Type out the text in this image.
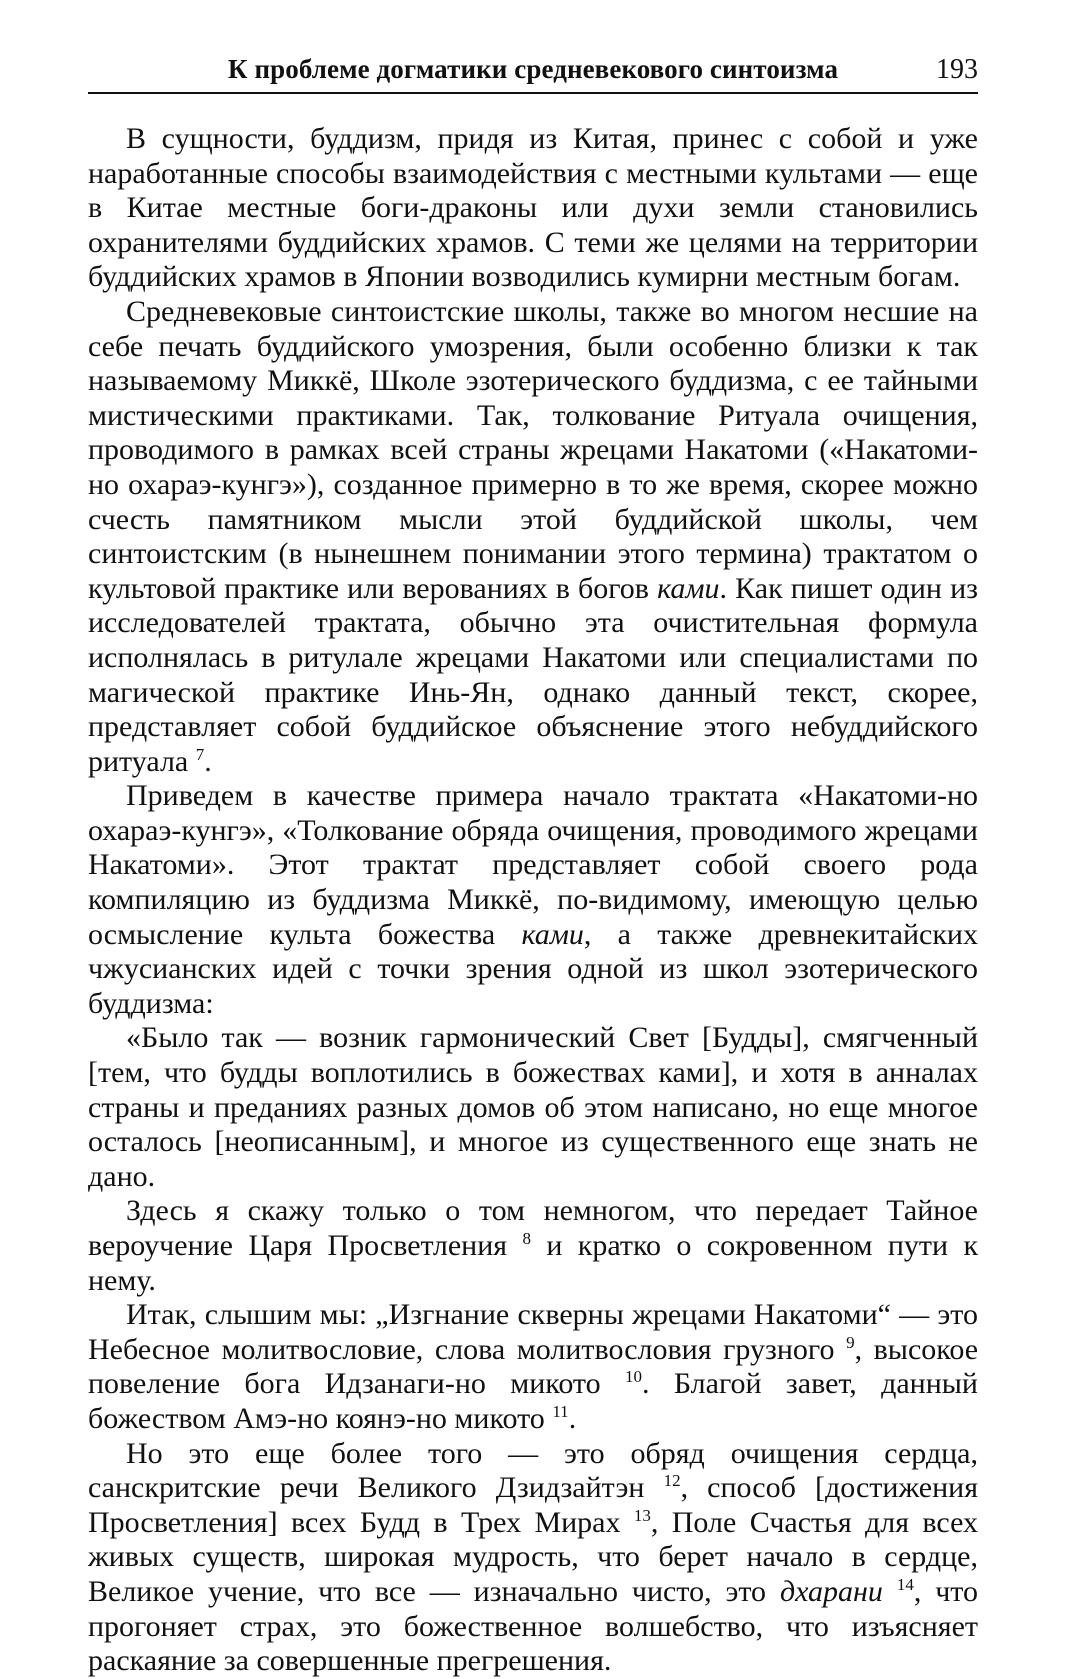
К проблеме догматики средневекового синтоизма	193

В сущности, буддизм, придя из Китая, принес с собой и уже наработанные способы взаимодействия с местными культами — еще в Китае местные боги-драконы или духи земли становились охранителями буддийских храмов. С теми же целями на территории буддийских храмов в Японии возводились кумирни местным богам.

Средневековые синтоистские школы, также во многом несшие на себе печать буддийского умозрения, были особенно близки к так называемому Миккё, Школе эзотерического буддизма, с ее тайными мистическими практиками. Так, толкование Ритуала очищения, проводимого в рамках всей страны жрецами Накатоми («Накатоми-но охараэ-кунгэ»), созданное примерно в то же время, скорее можно счесть памятником мысли этой буддийской школы, чем синтоистским (в нынешнем понимании этого термина) трактатом о культовой практике или верованиях в богов ками. Как пишет один из исследователей трактата, обычно эта очистительная формула исполнялась в ритулале жрецами Накатоми или специалистами по магической практике Инь-Ян, однако данный текст, скорее, представляет собой буддийское объяснение этого небуддийского ритуала $^7$.

Приведем в качестве примера начало трактата «Накатоми-но охараэ-кунгэ», «Толкование обряда очищения, проводимого жрецами Накатоми». Этот трактат представляет собой своего рода компиляцию из буддизма Миккё, по-видимому, имеющую целью осмысление культа божества ками, а также древнекитайских чжусианских идей с точки зрения одной из школ эзотерического буддизма:

«Было так — возник гармонический Свет [Будды], смягченный [тем, что будды воплотились в божествах ками], и хотя в анналах страны и преданиях разных домов об этом написано, но еще многое осталось [неописанным], и многое из существенного еще знать не дано.

Здесь я скажу только о том немногом, что передает Тайное вероучение Царя Просветления $^8$ и кратко о сокровенном пути к нему.

Итак, слышим мы: „Изгнание скверны жрецами Накатоми“ — это Небесное молитвословие, слова молитвословия грузного $^9$, высокое повеление бога Идзанаги-но микото $^{10}$. Благой завет, данный божеством Амэ-но коянэ-но микото $^{11}$.

Но это еще более того — это обряд очищения сердца, санскритские речи Великого Дзидзайтэн $^{12}$, способ [достижения Просветления] всех Будд в Трех Мирах $^{13}$, Поле Счастья для всех живых существ, широкая мудрость, что берет начало в сердце, Великое учение, что все — изначально чисто, это дхарани $^{14}$, что прогоняет страх, это божественное волшебство, что изъясняет раскаяние за совершенные прегрешения.
